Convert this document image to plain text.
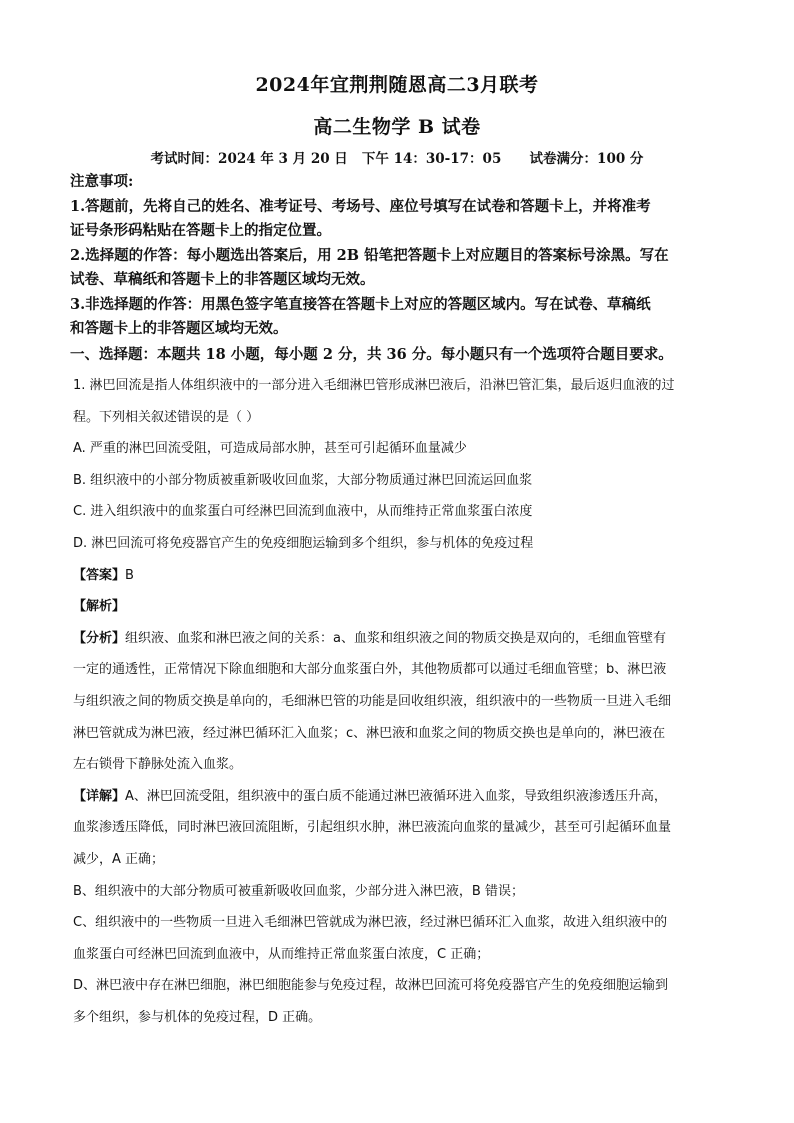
2024年宜荆荆随恩高二3月联考
高二生物学 B 试卷
考试时间：2024 年 3 月 20 日   下午 14：30-17：05      试卷满分：100 分
注意事项:
1.答题前，先将自己的姓名、准考证号、考场号、座位号填写在试卷和答题卡上，并将准考
证号条形码粘贴在答题卡上的指定位置。
2.选择题的作答：每小题选出答案后，用 2B 铅笔把答题卡上对应题目的答案标号涂黑。写在
试卷、草稿纸和答题卡上的非答题区域均无效。
3.非选择题的作答：用黑色签字笔直接答在答题卡上对应的答题区域内。写在试卷、草稿纸
和答题卡上的非答题区域均无效。
一、选择题：本题共 18 小题，每小题 2 分，共 36 分。每小题只有一个选项符合题目要求。
1. 淋巴回流是指人体组织液中的一部分进入毛细淋巴管形成淋巴液后，沿淋巴管汇集，最后返归血液的过
程。下列相关叙述错误的是（ ）
A. 严重的淋巴回流受阻，可造成局部水肿，甚至可引起循环血量减少
B. 组织液中的小部分物质被重新吸收回血浆，大部分物质通过淋巴回流运回血浆
C. 进入组织液中的血浆蛋白可经淋巴回流到血液中，从而维持正常血浆蛋白浓度
D. 淋巴回流可将免疫器官产生的免疫细胞运输到多个组织，参与机体的免疫过程
【答案】B
【解析】
【分析】组织液、血浆和淋巴液之间的关系：a、血浆和组织液之间的物质交换是双向的，毛细血管壁有
一定的通透性，正常情况下除血细胞和大部分血浆蛋白外，其他物质都可以通过毛细血管壁；b、淋巴液
与组织液之间的物质交换是单向的，毛细淋巴管的功能是回收组织液，组织液中的一些物质一旦进入毛细
淋巴管就成为淋巴液，经过淋巴循环汇入血浆；c、淋巴液和血浆之间的物质交换也是单向的，淋巴液在
左右锁骨下静脉处流入血浆。
【详解】A、淋巴回流受阻，组织液中的蛋白质不能通过淋巴液循环进入血浆，导致组织液渗透压升高，
血浆渗透压降低，同时淋巴液回流阻断，引起组织水肿，淋巴液流向血浆的量减少，甚至可引起循环血量
减少，A 正确；
B、组织液中的大部分物质可被重新吸收回血浆，少部分进入淋巴液，B 错误；
C、组织液中的一些物质一旦进入毛细淋巴管就成为淋巴液，经过淋巴循环汇入血浆，故进入组织液中的
血浆蛋白可经淋巴回流到血液中，从而维持正常血浆蛋白浓度，C 正确；
D、淋巴液中存在淋巴细胞，淋巴细胞能参与免疫过程，故淋巴回流可将免疫器官产生的免疫细胞运输到
多个组织，参与机体的免疫过程，D 正确。
